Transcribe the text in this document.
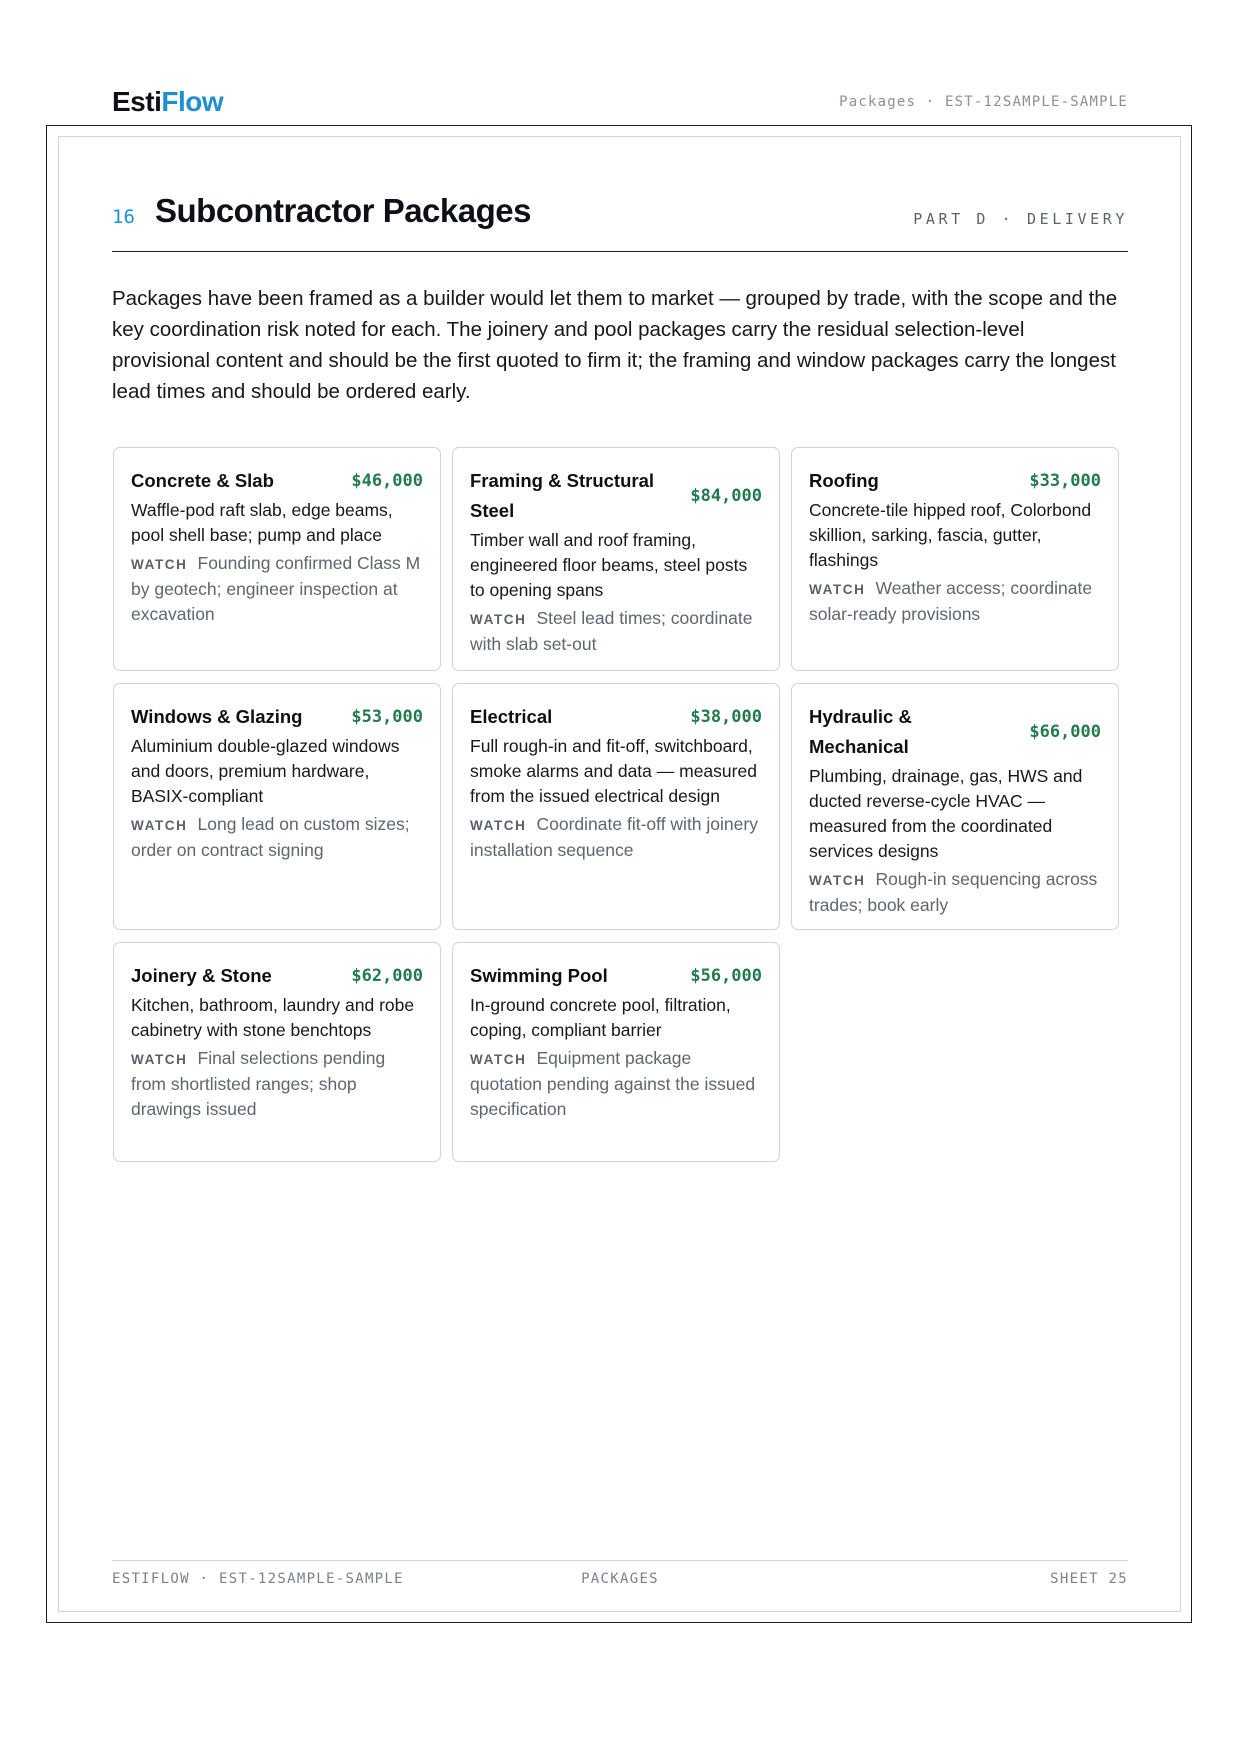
EstiFlow	Packages · EST-12SAMPLE-SAMPLE
16 Subcontractor Packages	PART D · DELIVERY
Packages have been framed as a builder would let them to market — grouped by trade, with the scope and the key coordination risk noted for each. The joinery and pool packages carry the residual selection-level provisional content and should be the first quoted to firm it; the framing and window packages carry the longest lead times and should be ordered early.
Concrete & Slab	$46,000
Waffle-pod raft slab, edge beams, pool shell base; pump and place
WATCH Founding confirmed Class M by geotech; engineer inspection at excavation
Framing & Structural Steel
$84,000
Timber wall and roof framing, engineered floor beams, steel posts to opening spans
WATCH Steel lead times; coordinate with slab set-out
Roofing	$33,000
Concrete-tile hipped roof, Colorbond skillion, sarking, fascia, gutter, flashings
WATCH Weather access; coordinate solar-ready provisions
Windows & Glazing	$53,000
Aluminium double-glazed windows and doors, premium hardware, BASIX-compliant
WATCH Long lead on custom sizes; order on contract signing
Electrical	$38,000
Full rough-in and fit-off, switchboard, smoke alarms and data — measured from the issued electrical design
WATCH Coordinate fit-off with joinery installation sequence
Hydraulic & Mechanical
$66,000
Plumbing, drainage, gas, HWS and ducted reverse-cycle HVAC — measured from the coordinated services designs
WATCH Rough-in sequencing across trades; book early
Joinery & Stone	$62,000
Kitchen, bathroom, laundry and robe cabinetry with stone benchtops
WATCH Final selections pending from shortlisted ranges; shop drawings issued
Swimming Pool	$56,000
In-ground concrete pool, filtration, coping, compliant barrier
WATCH Equipment package quotation pending against the issued specification
ESTIFLOW · EST-12SAMPLE-SAMPLE	PACKAGES	SHEET 25
